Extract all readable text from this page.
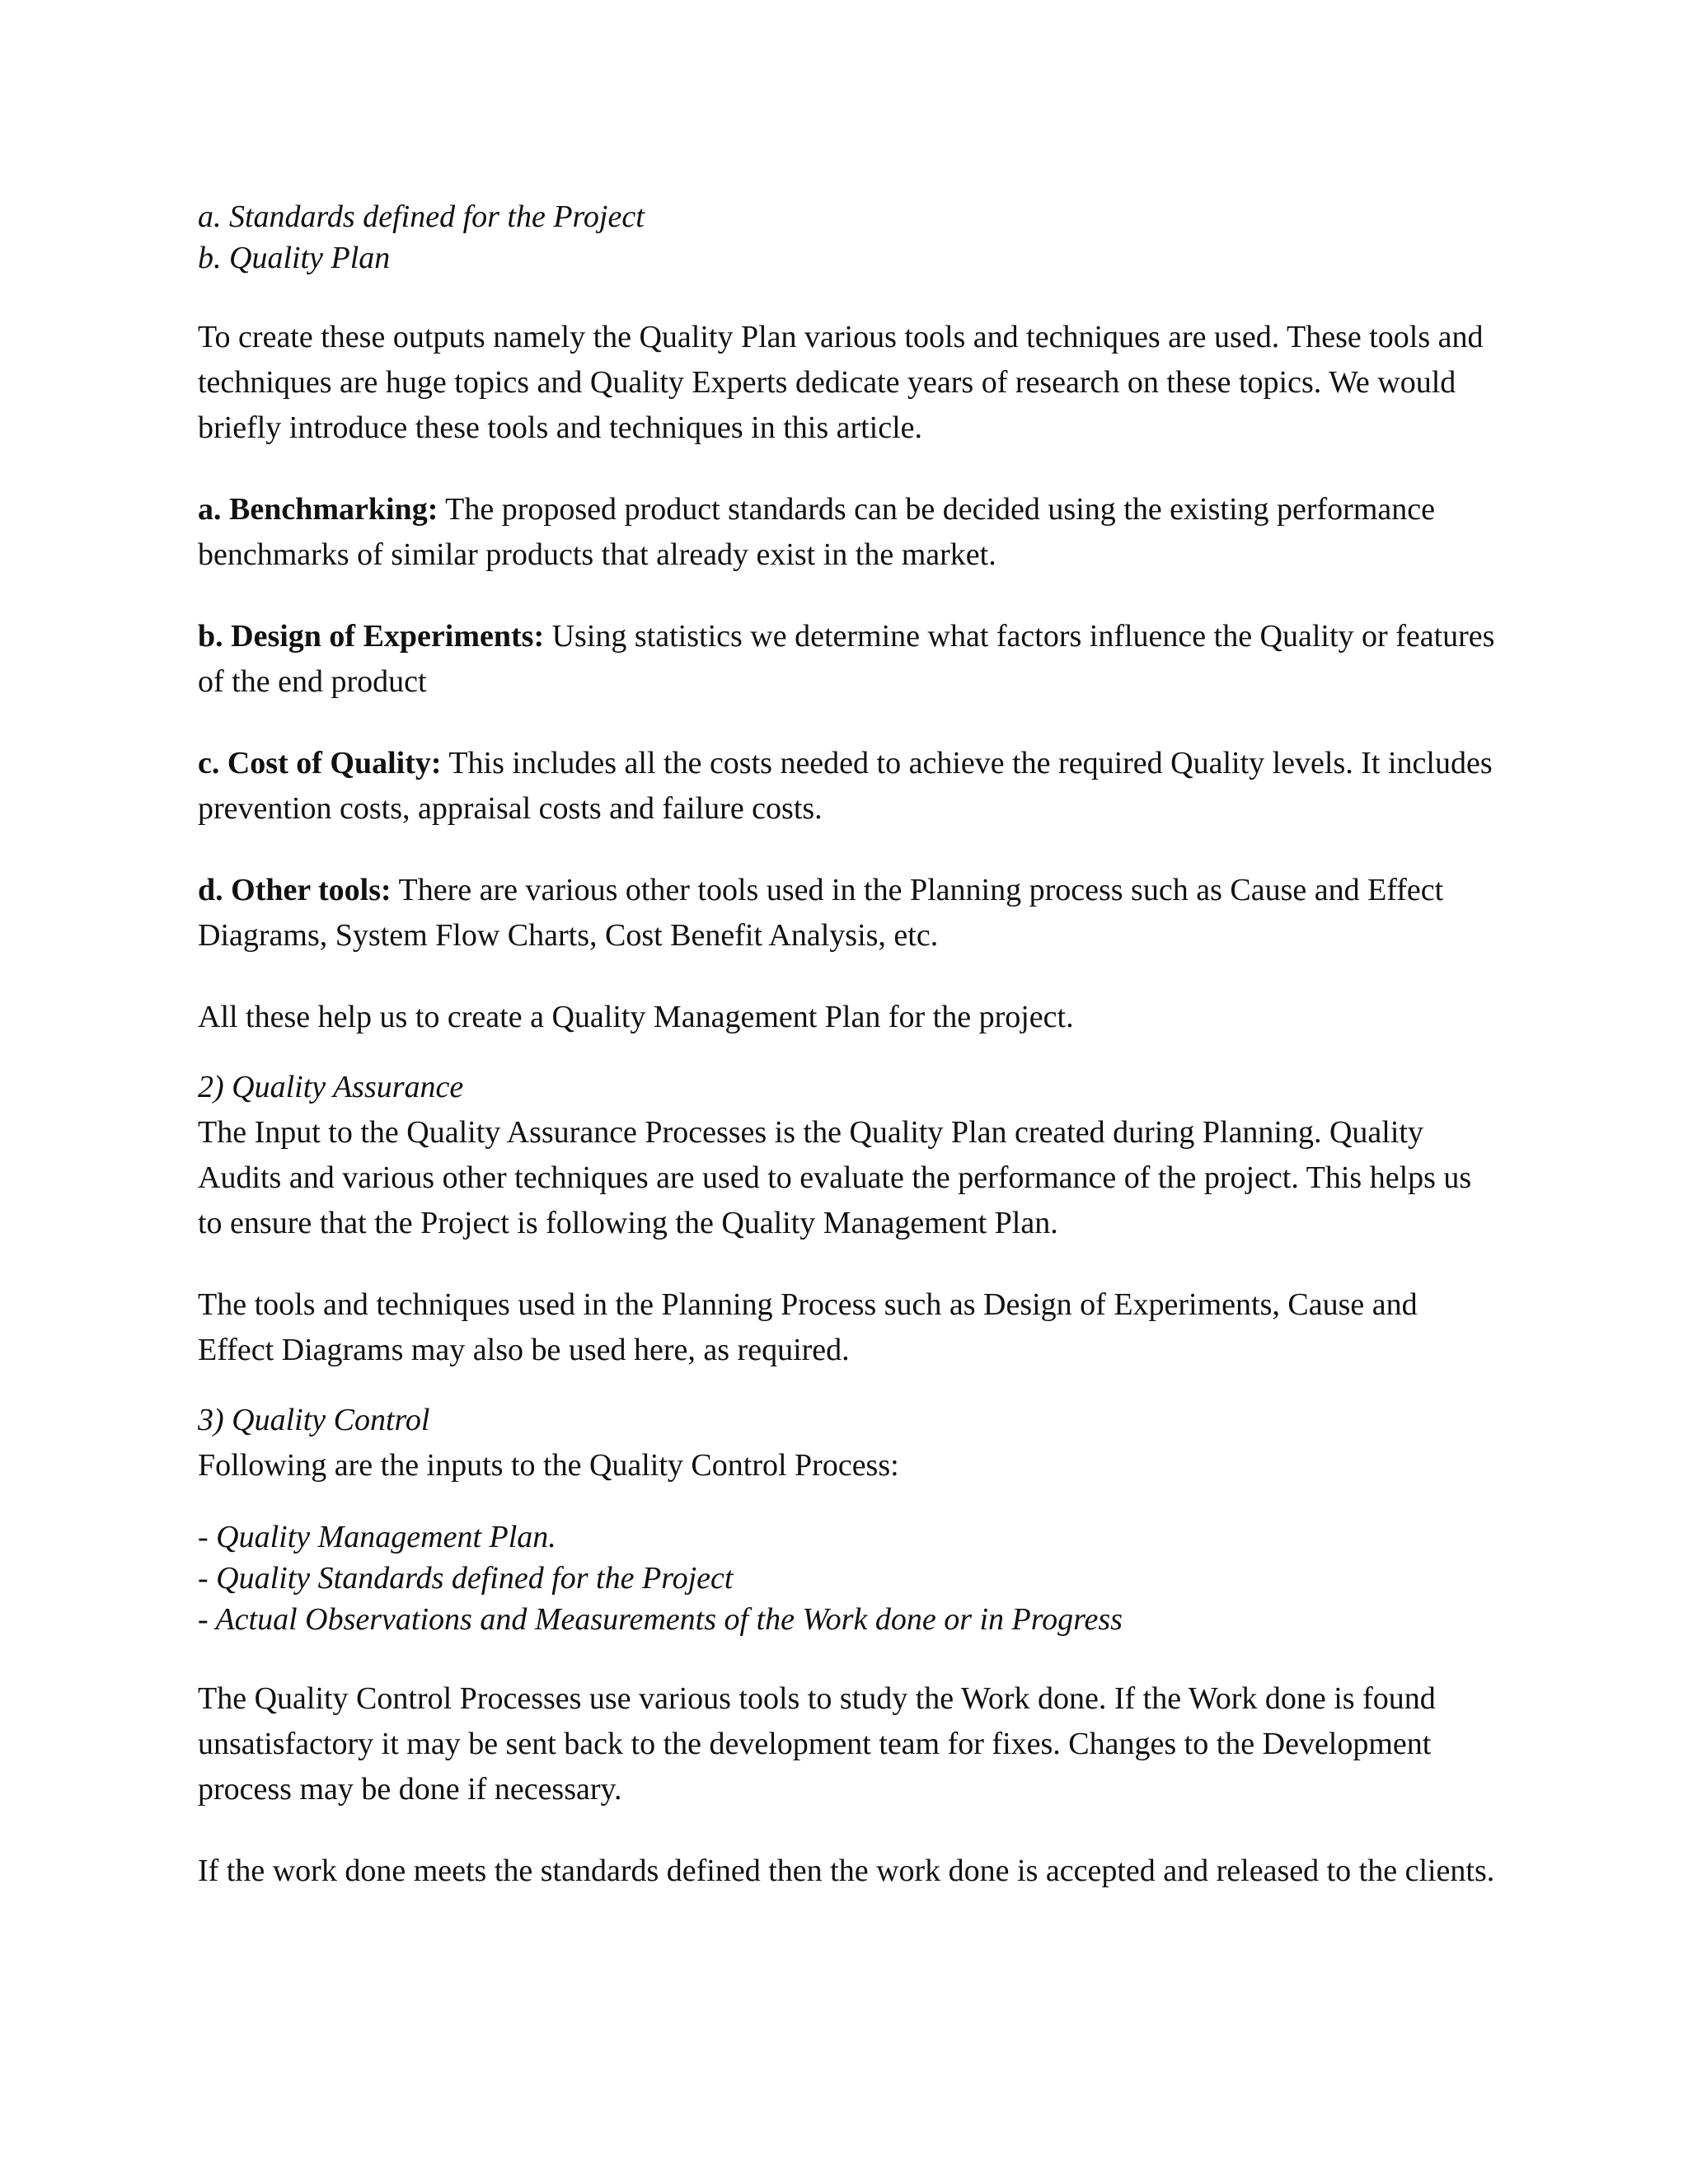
a. Standards defined for the Project

b. Quality Plan

To create these outputs namely the Quality Plan various tools and techniques are used. These tools and techniques are huge topics and Quality Experts dedicate years of research on these topics. We would briefly introduce these tools and techniques in this article.

a. Benchmarking: The proposed product standards can be decided using the existing performance benchmarks of similar products that already exist in the market.

b. Design of Experiments: Using statistics we determine what factors influence the Quality or features of the end product

c. Cost of Quality: This includes all the costs needed to achieve the required Quality levels. It includes prevention costs, appraisal costs and failure costs.

d. Other tools: There are various other tools used in the Planning process such as Cause and Effect Diagrams, System Flow Charts, Cost Benefit Analysis, etc.

All these help us to create a Quality Management Plan for the project.

2) Quality Assurance

The Input to the Quality Assurance Processes is the Quality Plan created during Planning. Quality Audits and various other techniques are used to evaluate the performance of the project. This helps us to ensure that the Project is following the Quality Management Plan.

The tools and techniques used in the Planning Process such as Design of Experiments, Cause and Effect Diagrams may also be used here, as required.

3) Quality Control

Following are the inputs to the Quality Control Process:

- Quality Management Plan.

- Quality Standards defined for the Project

- Actual Observations and Measurements of the Work done or in Progress

The Quality Control Processes use various tools to study the Work done. If the Work done is found unsatisfactory it may be sent back to the development team for fixes. Changes to the Development process may be done if necessary.

If the work done meets the standards defined then the work done is accepted and released to the clients.
